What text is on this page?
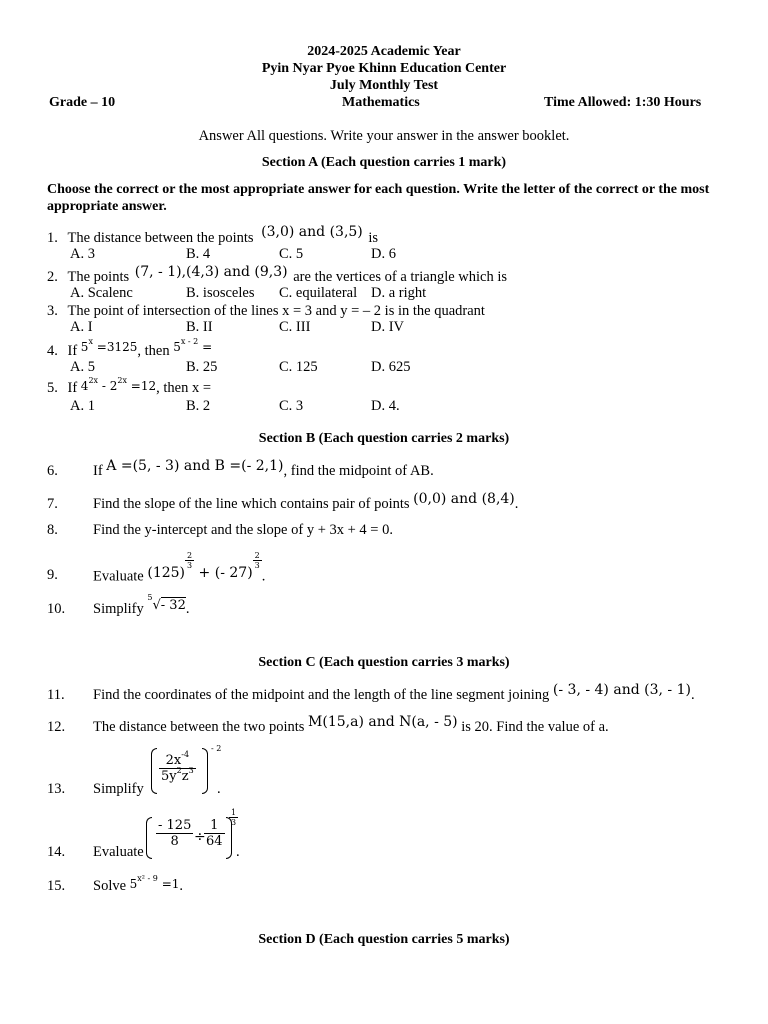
2024-2025 Academic Year
Pyin Nyar Pyoe Khinn Education Center
July Monthly Test
Grade – 10	Mathematics	Time Allowed: 1:30 Hours
Answer All questions. Write your answer in the answer booklet.
Section A (Each question carries 1 mark)
Choose the correct or the most appropriate answer for each question. Write the letter of the correct or the most appropriate answer.
1. The distance between the points (3,0) and (3,5) is
A. 3	B. 4	C. 5	D. 6
2. The points (7, - 1),(4,3) and (9,3) are the vertices of a triangle which is
A. Scalenc	B. isosceles C. equilateral D. a right
3. The point of intersection of the lines x = 3 and y = – 2 is in the quadrant
A. I	B. II	C. III	D. IV
4. If $^{5^x =3125}$, then $^{5^{x - 2} =}$
A. 5	B. 25	C. 125	D. 625
5. If $4^{2x} - 2^{2x} =12$, then x =
A. 1	B. 2	C. 3	D. 4.
Section B (Each question carries 2 marks)
6. If A =(5, - 3) and B =(- 2,1), find the midpoint of AB.
7. Find the slope of the line which contains pair of points (0,0) and (8,4).
8. Find the y-intercept and the slope of y + 3x + 4 = 0.
9. Evaluate (125)
$\frac{2}{3}$
+ (- 27)
$\frac{2}{3}$
.
10. Simplify $^5$√- 32.
Section C (Each question carries 3 marks)
11. Find the coordinates of the midpoint and the length of the line segment joining (- 3, - 4) and (3, - 1).
12. The distance between the two points M(15,a) and N(a, - 5) is 20. Find the value of a.
13. Simplify
$\frac{2x^{-4}}{5y^2z^3}$
- 2
.
14. Evaluate
$\frac{- 125}{8}$ ÷
$\frac{1}{64}$
$\frac{1}{3}$
.
15. Solve $5^{x^2 - 9} =1$.
Section D (Each question carries 5 marks)
